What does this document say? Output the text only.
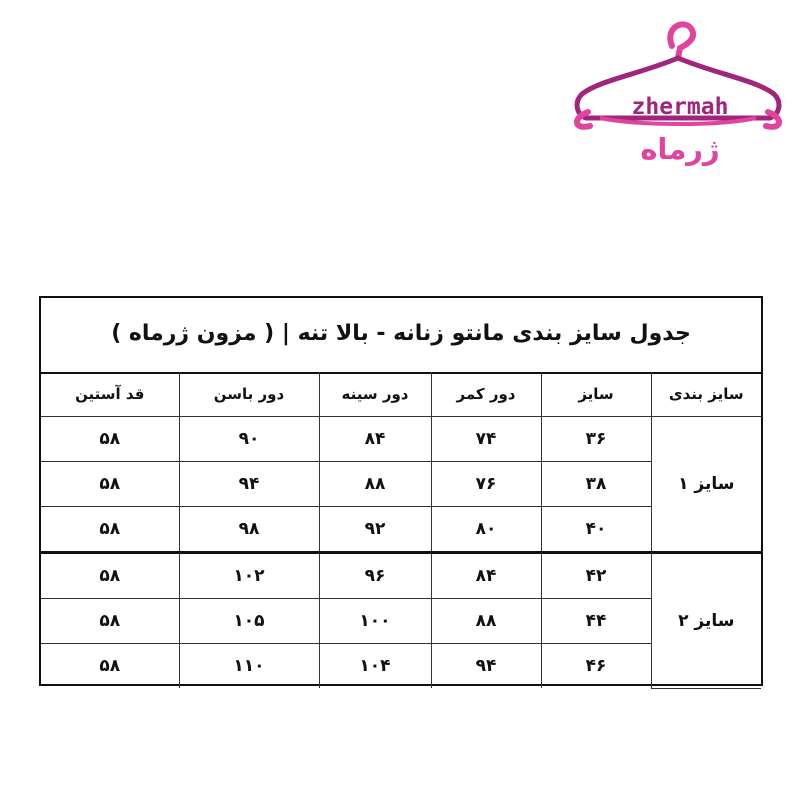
zhermah
ژرماه
جدول سایز بندی مانتو زنانه - بالا تنه | ( مزون ژرماه )
سایز بندی	سایز	دور کمر	دور سینه	دور باسن	قد آستین
سایز ۱	۳۶	۷۴	۸۴	۹۰	۵۸
	۳۸	۷۶	۸۸	۹۴	۵۸
	۴۰	۸۰	۹۲	۹۸	۵۸
سایز ۲	۴۲	۸۴	۹۶	۱۰۲	۵۸
	۴۴	۸۸	۱۰۰	۱۰۵	۵۸
	۴۶	۹۴	۱۰۴	۱۱۰	۵۸
